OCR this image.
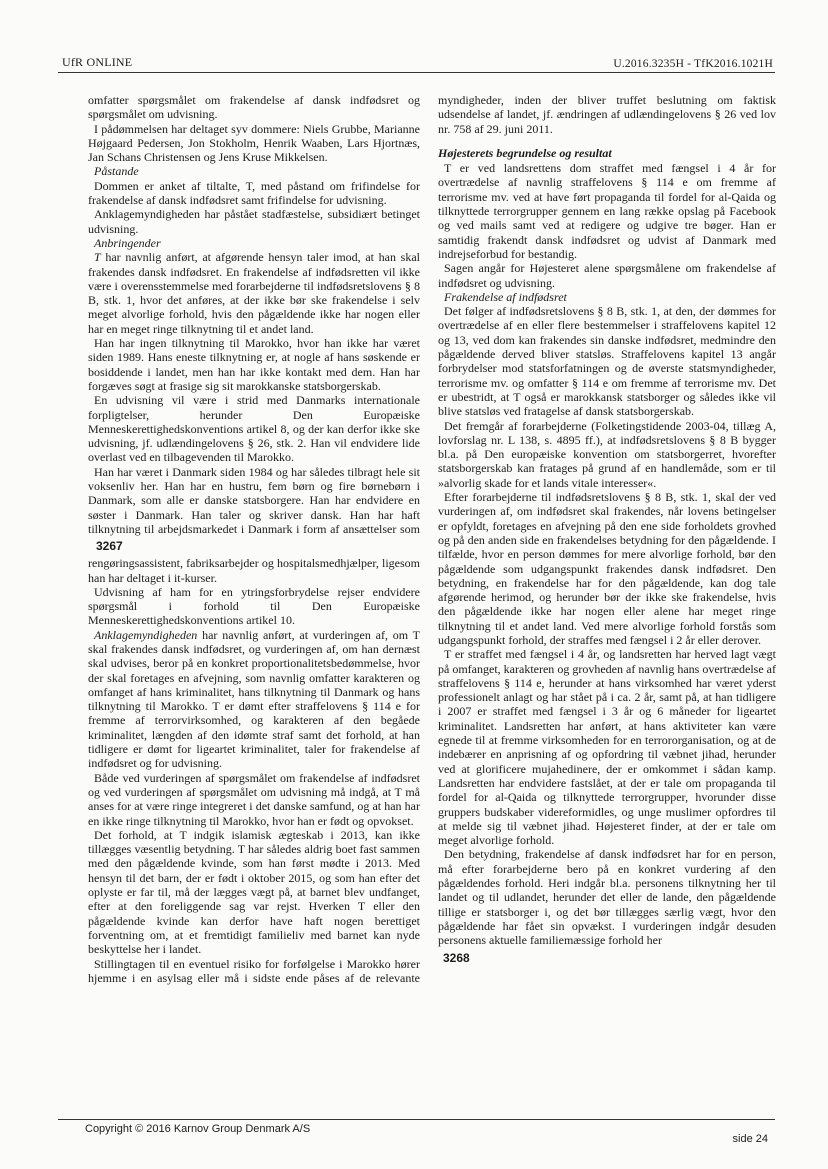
UfR ONLINE	U.2016.3235H - TfK2016.1021H

omfatter spørgsmålet om frakendelse af dansk indfødsret og spørgsmålet om udvisning.

I pådømmelsen har deltaget syv dommere: Niels Grubbe, Marianne Højgaard Pedersen, Jon Stokholm, Henrik Waaben, Lars Hjortnæs, Jan Schans Christensen og Jens Kruse Mikkelsen.

Påstande

Dommen er anket af tiltalte, T, med påstand om frifindelse for frakendelse af dansk indfødsret samt frifindelse for udvisning.

Anklagemyndigheden har påstået stadfæstelse, subsidiært betinget udvisning.

Anbringender

T har navnlig anført, at afgørende hensyn taler imod, at han skal frakendes dansk indfødsret. En frakendelse af indfødsretten vil ikke være i overensstemmelse med forarbejderne til indfødsretslovens § 8 B, stk. 1, hvor det anføres, at der ikke bør ske frakendelse i selv meget alvorlige forhold, hvis den pågældende ikke har nogen eller har en meget ringe tilknytning til et andet land.

Han har ingen tilknytning til Marokko, hvor han ikke har været siden 1989. Hans eneste tilknytning er, at nogle af hans søskende er bosiddende i landet, men han har ikke kontakt med dem. Han har forgæves søgt at frasige sig sit marokkanske statsborgerskab.

En udvisning vil være i strid med Danmarks internationale forpligtelser, herunder Den Europæiske Menneskerettighedskonventions artikel 8, og der kan derfor ikke ske udvisning, jf. udlændingelovens § 26, stk. 2. Han vil endvidere lide overlast ved en tilbagevenden til Marokko.

Han har været i Danmark siden 1984 og har således tilbragt hele sit voksenliv her. Han har en hustru, fem børn og fire børnebørn i Danmark, som alle er danske statsborgere. Han har endvidere en søster i Danmark. Han taler og skriver dansk. Han har haft tilknytning til arbejdsmarkedet i Danmark i form af ansættelser som

3267

rengøringsassistent, fabriksarbejder og hospitalsmedhjælper, ligesom han har deltaget i it-kurser.

Udvisning af ham for en ytringsforbrydelse rejser endvidere spørgsmål i forhold til Den Europæiske Menneskerettighedskonventions artikel 10.

Anklagemyndigheden har navnlig anført, at vurderingen af, om T skal frakendes dansk indfødsret, og vurderingen af, om han dernæst skal udvises, beror på en konkret proportionalitetsbedømmelse, hvor der skal foretages en afvejning, som navnlig omfatter karakteren og omfanget af hans kriminalitet, hans tilknytning til Danmark og hans tilknytning til Marokko. T er dømt efter straffelovens § 114 e for fremme af terrorvirksomhed, og karakteren af den begåede kriminalitet, længden af den idømte straf samt det forhold, at han tidligere er dømt for ligeartet kriminalitet, taler for frakendelse af indfødsret og for udvisning.

Både ved vurderingen af spørgsmålet om frakendelse af indfødsret og ved vurderingen af spørgsmålet om udvisning må indgå, at T må anses for at være ringe integreret i det danske samfund, og at han har en ikke ringe tilknytning til Marokko, hvor han er født og opvokset.

Det forhold, at T indgik islamisk ægteskab i 2013, kan ikke tillægges væsentlig betydning. T har således aldrig boet fast sammen med den pågældende kvinde, som han først mødte i 2013. Med hensyn til det barn, der er født i oktober 2015, og som han efter det oplyste er far til, må der lægges vægt på, at barnet blev undfanget, efter at den foreliggende sag var rejst. Hverken T eller den pågældende kvinde kan derfor have haft nogen berettiget forventning om, at et fremtidigt familieliv med barnet kan nyde beskyttelse her i landet.

Stillingtagen til en eventuel risiko for forfølgelse i Marokko hører hjemme i en asylsag eller må i sidste ende påses af de relevante

myndigheder, inden der bliver truffet beslutning om faktisk udsendelse af landet, jf. ændringen af udlændingelovens § 26 ved lov nr. 758 af 29. juni 2011.

Højesterets begrundelse og resultat

T er ved landsrettens dom straffet med fængsel i 4 år for overtrædelse af navnlig straffelovens § 114 e om fremme af terrorisme mv. ved at have ført propaganda til fordel for al-Qaida og tilknyttede terrorgrupper gennem en lang række opslag på Facebook og ved mails samt ved at redigere og udgive tre bøger. Han er samtidig frakendt dansk indfødsret og udvist af Danmark med indrejseforbud for bestandig.

Sagen angår for Højesteret alene spørgsmålene om frakendelse af indfødsret og udvisning.

Frakendelse af indfødsret

Det følger af indfødsretslovens § 8 B, stk. 1, at den, der dømmes for overtrædelse af en eller flere bestemmelser i straffelovens kapitel 12 og 13, ved dom kan frakendes sin danske indfødsret, medmindre den pågældende derved bliver statsløs. Straffelovens kapitel 13 angår forbrydelser mod statsforfatningen og de øverste statsmyndigheder, terrorisme mv. og omfatter § 114 e om fremme af terrorisme mv. Det er ubestridt, at T også er marokkansk statsborger og således ikke vil blive statsløs ved fratagelse af dansk statsborgerskab.

Det fremgår af forarbejderne (Folketingstidende 2003-04, tillæg A, lovforslag nr. L 138, s. 4895 ff.), at indfødsretslovens § 8 B bygger bl.a. på Den europæiske konvention om statsborgerret, hvorefter statsborgerskab kan fratages på grund af en handlemåde, som er til »alvorlig skade for et lands vitale interesser«.

Efter forarbejderne til indfødsretslovens § 8 B, stk. 1, skal der ved vurderingen af, om indfødsret skal frakendes, når lovens betingelser er opfyldt, foretages en afvejning på den ene side forholdets grovhed og på den anden side en frakendelses betydning for den pågældende. I tilfælde, hvor en person dømmes for mere alvorlige forhold, bør den pågældende som udgangspunkt frakendes dansk indfødsret. Den betydning, en frakendelse har for den pågældende, kan dog tale afgørende herimod, og herunder bør der ikke ske frakendelse, hvis den pågældende ikke har nogen eller alene har meget ringe tilknytning til et andet land. Ved mere alvorlige forhold forstås som udgangspunkt forhold, der straffes med fængsel i 2 år eller derover.

T er straffet med fængsel i 4 år, og landsretten har herved lagt vægt på omfanget, karakteren og grovheden af navnlig hans overtrædelse af straffelovens § 114 e, herunder at hans virksomhed har været yderst professionelt anlagt og har stået på i ca. 2 år, samt på, at han tidligere i 2007 er straffet med fængsel i 3 år og 6 måneder for ligeartet kriminalitet. Landsretten har anført, at hans aktiviteter kan være egnede til at fremme virksomheden for en terrororganisation, og at de indebærer en anprisning af og opfordring til væbnet jihad, herunder ved at glorificere mujahedinere, der er omkommet i sådan kamp. Landsretten har endvidere fastslået, at der er tale om propaganda til fordel for al-Qaida og tilknyttede terrorgrupper, hvorunder disse gruppers budskaber videreformidles, og unge muslimer opfordres til at melde sig til væbnet jihad. Højesteret finder, at der er tale om meget alvorlige forhold.

Den betydning, frakendelse af dansk indfødsret har for en person, må efter forarbejderne bero på en konkret vurdering af den pågældendes forhold. Heri indgår bl.a. personens tilknytning her til landet og til udlandet, herunder det eller de lande, den pågældende tillige er statsborger i, og det bør tillægges særlig vægt, hvor den pågældende har fået sin opvækst. I vurderingen indgår desuden personens aktuelle familiemæssige forhold her

3268
Copyright © 2016 Karnov Group Denmark A/S
side 24
